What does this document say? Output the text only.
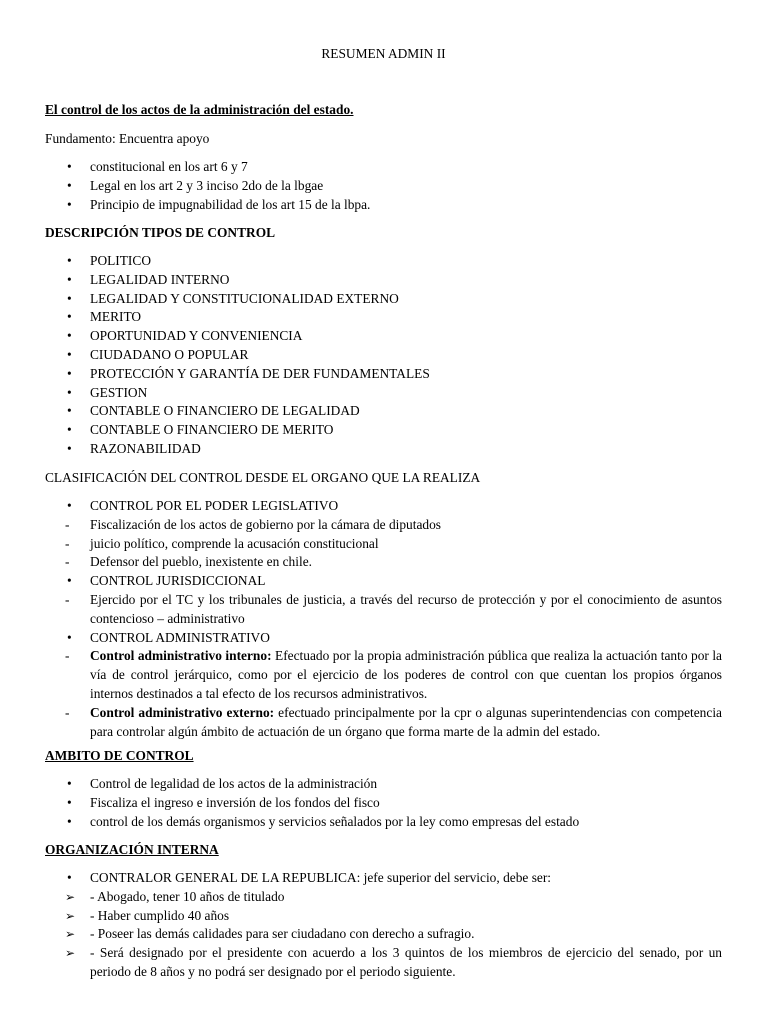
RESUMEN ADMIN II
El control de los actos de la administración del estado.
Fundamento: Encuentra apoyo
• constitucional en los art 6 y 7
• Legal en los art 2 y 3 inciso 2do de la lbgae
• Principio de impugnabilidad de los art 15 de la lbpa.
DESCRIPCIÓN TIPOS DE CONTROL
• POLITICO
• LEGALIDAD INTERNO
• LEGALIDAD Y CONSTITUCIONALIDAD EXTERNO
• MERITO
• OPORTUNIDAD Y CONVENIENCIA
• CIUDADANO O POPULAR
• PROTECCIÓN Y GARANTÍA DE DER FUNDAMENTALES
• GESTION
• CONTABLE O FINANCIERO DE LEGALIDAD
• CONTABLE O FINANCIERO DE MERITO
• RAZONABILIDAD
CLASIFICACIÓN DEL CONTROL DESDE EL ORGANO QUE LA REALIZA
• CONTROL POR EL PODER LEGISLATIVO
- Fiscalización de los actos de gobierno por la cámara de diputados
- juicio político, comprende la acusación constitucional
- Defensor del pueblo, inexistente en chile.
• CONTROL JURISDICCIONAL
- Ejercido por el TC y los tribunales de justicia, a través del recurso de protección y por el conocimiento de asuntos contencioso – administrativo
• CONTROL ADMINISTRATIVO
- Control administrativo interno: Efectuado por la propia administración pública que realiza la actuación tanto por la vía de control jerárquico, como por el ejercicio de los poderes de control con que cuentan los propios órganos internos destinados a tal efecto de los recursos administrativos.
- Control administrativo externo: efectuado principalmente por la cpr o algunas superintendencias con competencia para controlar algún ámbito de actuación de un órgano que forma marte de la admin del estado.
AMBITO DE CONTROL
• Control de legalidad de los actos de la administración
• Fiscaliza el ingreso e inversión de los fondos del fisco
• control de los demás organismos y servicios señalados por la ley como empresas del estado
ORGANIZACIÓN INTERNA
• CONTRALOR GENERAL DE LA REPUBLICA: jefe superior del servicio, debe ser:
➢ - Abogado, tener 10 años de titulado
➢ - Haber cumplido 40 años
➢ - Poseer las demás calidades para ser ciudadano con derecho a sufragio.
➢ - Será designado por el presidente con acuerdo a los 3 quintos de los miembros de ejercicio del senado, por un periodo de 8 años y no podrá ser designado por el periodo siguiente.
